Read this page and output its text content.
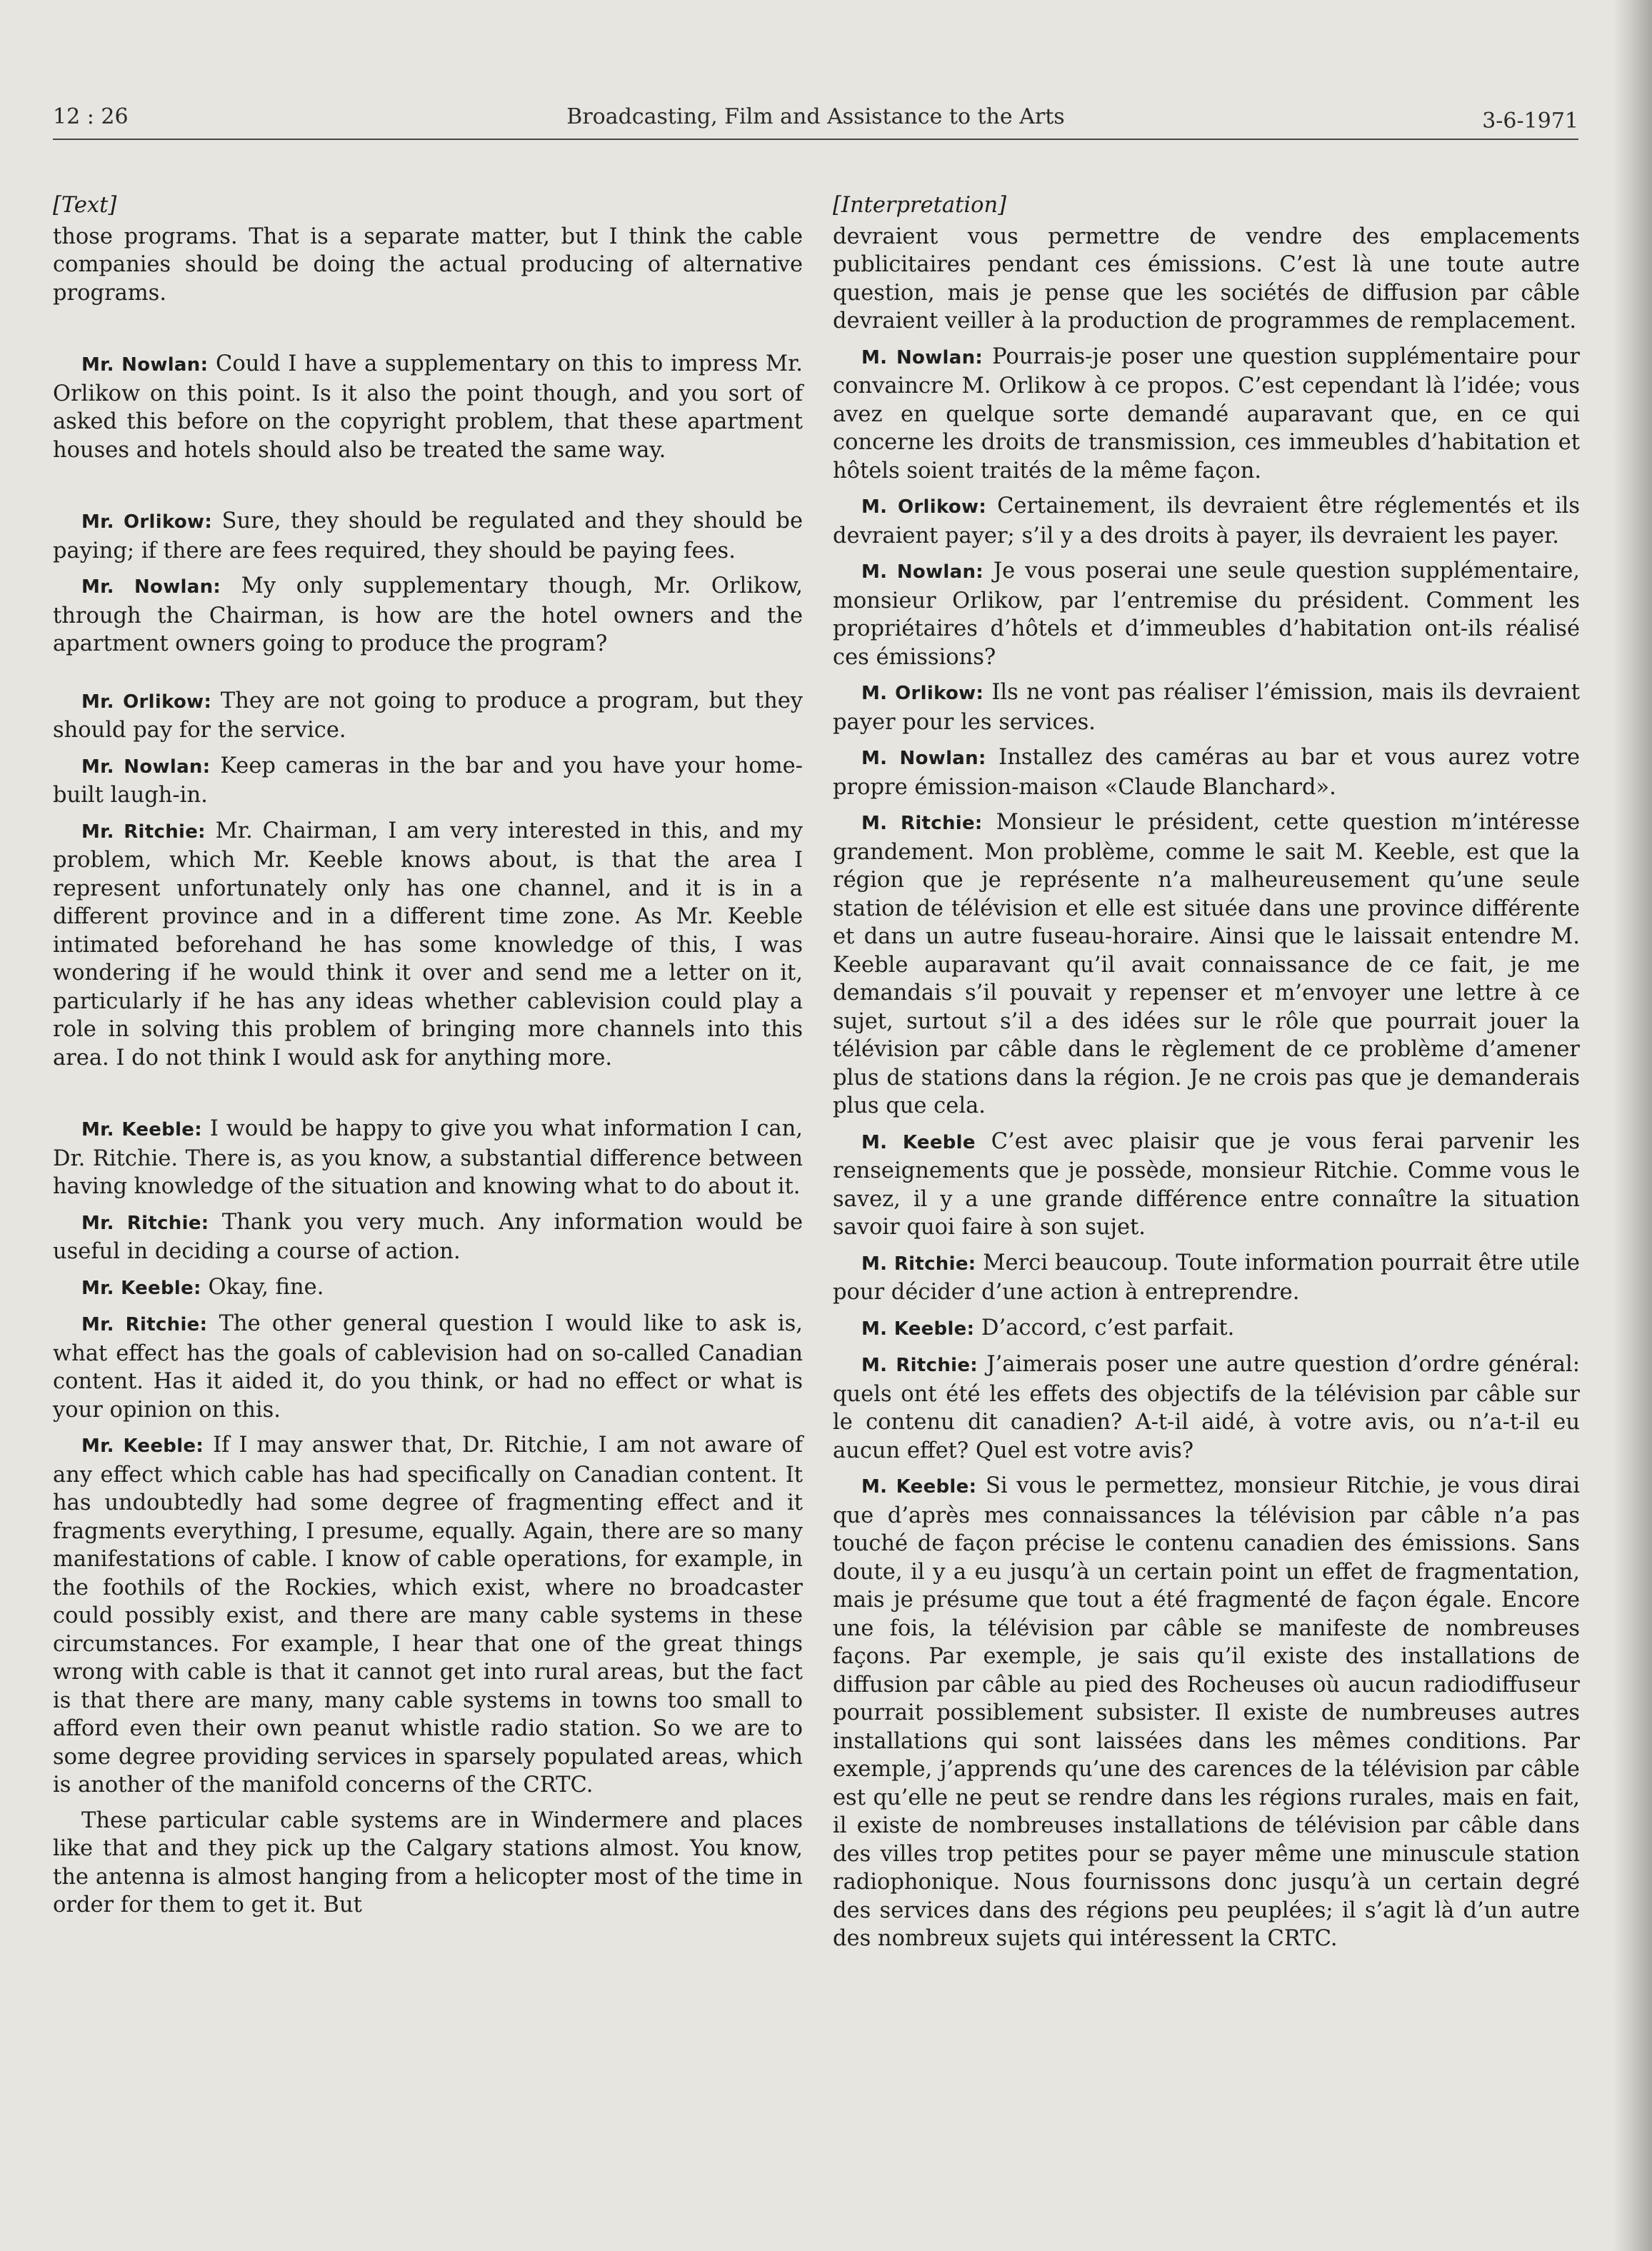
12 : 26	Broadcasting, Film and Assistance to the Arts	3-6-1971

[Text]

those programs. That is a separate matter, but I think the cable companies should be doing the actual producing of alternative programs.

Mr. Nowlan: Could I have a supplementary on this to impress Mr. Orlikow on this point. Is it also the point though, and you sort of asked this before on the copyright problem, that these apartment houses and hotels should also be treated the same way.

Mr. Orlikow: Sure, they should be regulated and they should be paying; if there are fees required, they should be paying fees.

Mr. Nowlan: My only supplementary though, Mr. Orlikow, through the Chairman, is how are the hotel owners and the apartment owners going to produce the program?

Mr. Orlikow: They are not going to produce a program, but they should pay for the service.

Mr. Nowlan: Keep cameras in the bar and you have your home-built laugh-in.

Mr. Ritchie: Mr. Chairman, I am very interested in this, and my problem, which Mr. Keeble knows about, is that the area I represent unfortunately only has one channel, and it is in a different province and in a different time zone. As Mr. Keeble intimated beforehand he has some knowledge of this, I was wondering if he would think it over and send me a letter on it, particularly if he has any ideas whether cablevision could play a role in solving this problem of bringing more channels into this area. I do not think I would ask for anything more.

Mr. Keeble: I would be happy to give you what information I can, Dr. Ritchie. There is, as you know, a substantial difference between having knowledge of the situation and knowing what to do about it.

Mr. Ritchie: Thank you very much. Any information would be useful in deciding a course of action.

Mr. Keeble: Okay, fine.

Mr. Ritchie: The other general question I would like to ask is, what effect has the goals of cablevision had on so-called Canadian content. Has it aided it, do you think, or had no effect or what is your opinion on this.

Mr. Keeble: If I may answer that, Dr. Ritchie, I am not aware of any effect which cable has had specifically on Canadian content. It has undoubtedly had some degree of fragmenting effect and it fragments everything, I presume, equally. Again, there are so many manifestations of cable. I know of cable operations, for example, in the foothils of the Rockies, which exist, where no broadcaster could possibly exist, and there are many cable systems in these circumstances. For example, I hear that one of the great things wrong with cable is that it cannot get into rural areas, but the fact is that there are many, many cable systems in towns too small to afford even their own peanut whistle radio station. So we are to some degree providing services in sparsely populated areas, which is another of the manifold concerns of the CRTC.

These particular cable systems are in Windermere and places like that and they pick up the Calgary stations almost. You know, the antenna is almost hanging from a helicopter most of the time in order for them to get it. But

[Interpretation]

devraient vous permettre de vendre des emplacements publicitaires pendant ces émissions. C’est là une toute autre question, mais je pense que les sociétés de diffusion par câble devraient veiller à la production de programmes de remplacement.

M. Nowlan: Pourrais-je poser une question supplémentaire pour convaincre M. Orlikow à ce propos. C’est cependant là l’idée; vous avez en quelque sorte demandé auparavant que, en ce qui concerne les droits de transmission, ces immeubles d’habitation et hôtels soient traités de la même façon.

M. Orlikow: Certainement, ils devraient être réglementés et ils devraient payer; s’il y a des droits à payer, ils devraient les payer.

M. Nowlan: Je vous poserai une seule question supplémentaire, monsieur Orlikow, par l’entremise du président. Comment les propriétaires d’hôtels et d’immeubles d’habitation ont-ils réalisé ces émissions?

M. Orlikow: Ils ne vont pas réaliser l’émission, mais ils devraient payer pour les services.

M. Nowlan: Installez des caméras au bar et vous aurez votre propre émission-maison «Claude Blanchard».

M. Ritchie: Monsieur le président, cette question m’intéresse grandement. Mon problème, comme le sait M. Keeble, est que la région que je représente n’a malheureusement qu’une seule station de télévision et elle est située dans une province différente et dans un autre fuseau-horaire. Ainsi que le laissait entendre M. Keeble auparavant qu’il avait connaissance de ce fait, je me demandais s’il pouvait y repenser et m’envoyer une lettre à ce sujet, surtout s’il a des idées sur le rôle que pourrait jouer la télévision par câble dans le règlement de ce problème d’amener plus de stations dans la région. Je ne crois pas que je demanderais plus que cela.

M. Keeble C’est avec plaisir que je vous ferai parvenir les renseignements que je possède, monsieur Ritchie. Comme vous le savez, il y a une grande différence entre connaître la situation savoir quoi faire à son sujet.

M. Ritchie: Merci beaucoup. Toute information pourrait être utile pour décider d’une action à entreprendre.

M. Keeble: D’accord, c’est parfait.

M. Ritchie: J’aimerais poser une autre question d’ordre général: quels ont été les effets des objectifs de la télévision par câble sur le contenu dit canadien? A-t-il aidé, à votre avis, ou n’a-t-il eu aucun effet? Quel est votre avis?

M. Keeble: Si vous le permettez, monsieur Ritchie, je vous dirai que d’après mes connaissances la télévision par câble n’a pas touché de façon précise le contenu canadien des émissions. Sans doute, il y a eu jusqu’à un certain point un effet de fragmentation, mais je présume que tout a été fragmenté de façon égale. Encore une fois, la télévision par câble se manifeste de nombreuses façons. Par exemple, je sais qu’il existe des installations de diffusion par câble au pied des Rocheuses où aucun radiodiffuseur pourrait possiblement subsister. Il existe de numbreuses autres installations qui sont laissées dans les mêmes conditions. Par exemple, j’apprends qu’une des carences de la télévision par câble est qu’elle ne peut se rendre dans les régions rurales, mais en fait, il existe de nombreuses installations de télévision par câble dans des villes trop petites pour se payer même une minuscule station radiophonique. Nous fournissons donc jusqu’à un certain degré des services dans des régions peu peuplées; il s’agit là d’un autre des nombreux sujets qui intéressent la CRTC.
